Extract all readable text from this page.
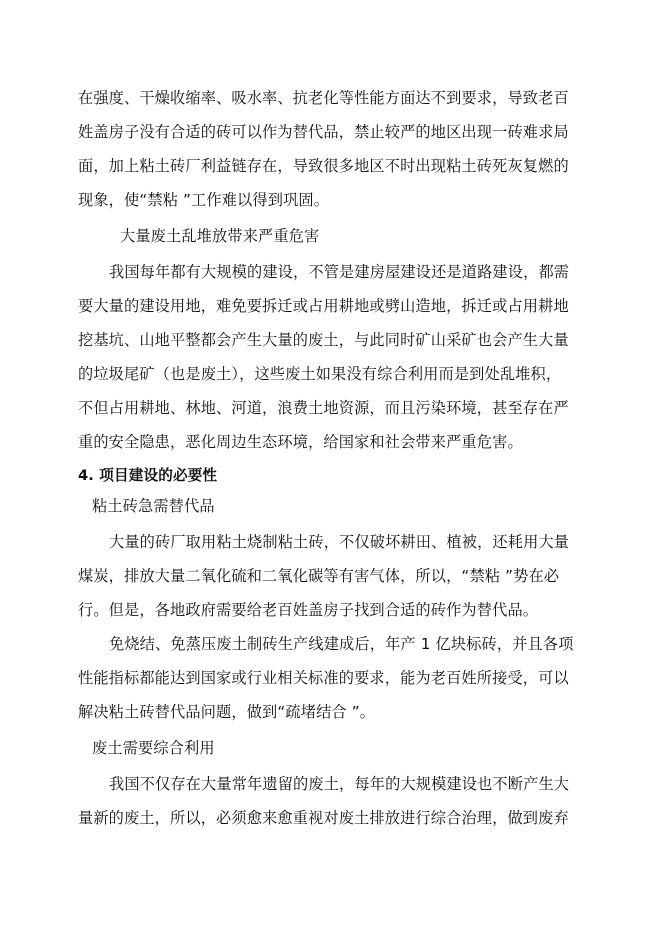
在强度、干燥收缩率、吸水率、抗老化等性能方面达不到要求，导致老百
姓盖房子没有合适的砖可以作为替代品，禁止较严的地区出现一砖难求局
面，加上粘土砖厂利益链存在，导致很多地区不时出现粘土砖死灰复燃的
现象，使“禁粘 ”工作难以得到巩固。
大量废土乱堆放带来严重危害
我国每年都有大规模的建设，不管是建房屋建设还是道路建设，都需
要大量的建设用地，难免要拆迁或占用耕地或劈山造地，拆迁或占用耕地
挖基坑、山地平整都会产生大量的废土，与此同时矿山采矿也会产生大量
的垃圾尾矿（也是废土），这些废土如果没有综合利用而是到处乱堆积，
不但占用耕地、林地、河道，浪费土地资源，而且污染环境，甚至存在严
重的安全隐患，恶化周边生态环境，给国家和社会带来严重危害。
4. 项目建设的必要性
粘土砖急需替代品
大量的砖厂取用粘土烧制粘土砖，不仅破坏耕田、植被，还耗用大量
煤炭，排放大量二氧化硫和二氧化碳等有害气体，所以，“禁粘 ”势在必
行。但是，各地政府需要给老百姓盖房子找到合适的砖作为替代品。
免烧结、免蒸压废土制砖生产线建成后，年产 1 亿块标砖，并且各项
性能指标都能达到国家或行业相关标准的要求，能为老百姓所接受，可以
解决粘土砖替代品问题，做到“疏堵结合 ”。
废土需要综合利用
我国不仅存在大量常年遗留的废土，每年的大规模建设也不断产生大
量新的废土，所以，必须愈来愈重视对废土排放进行综合治理，做到废弃
